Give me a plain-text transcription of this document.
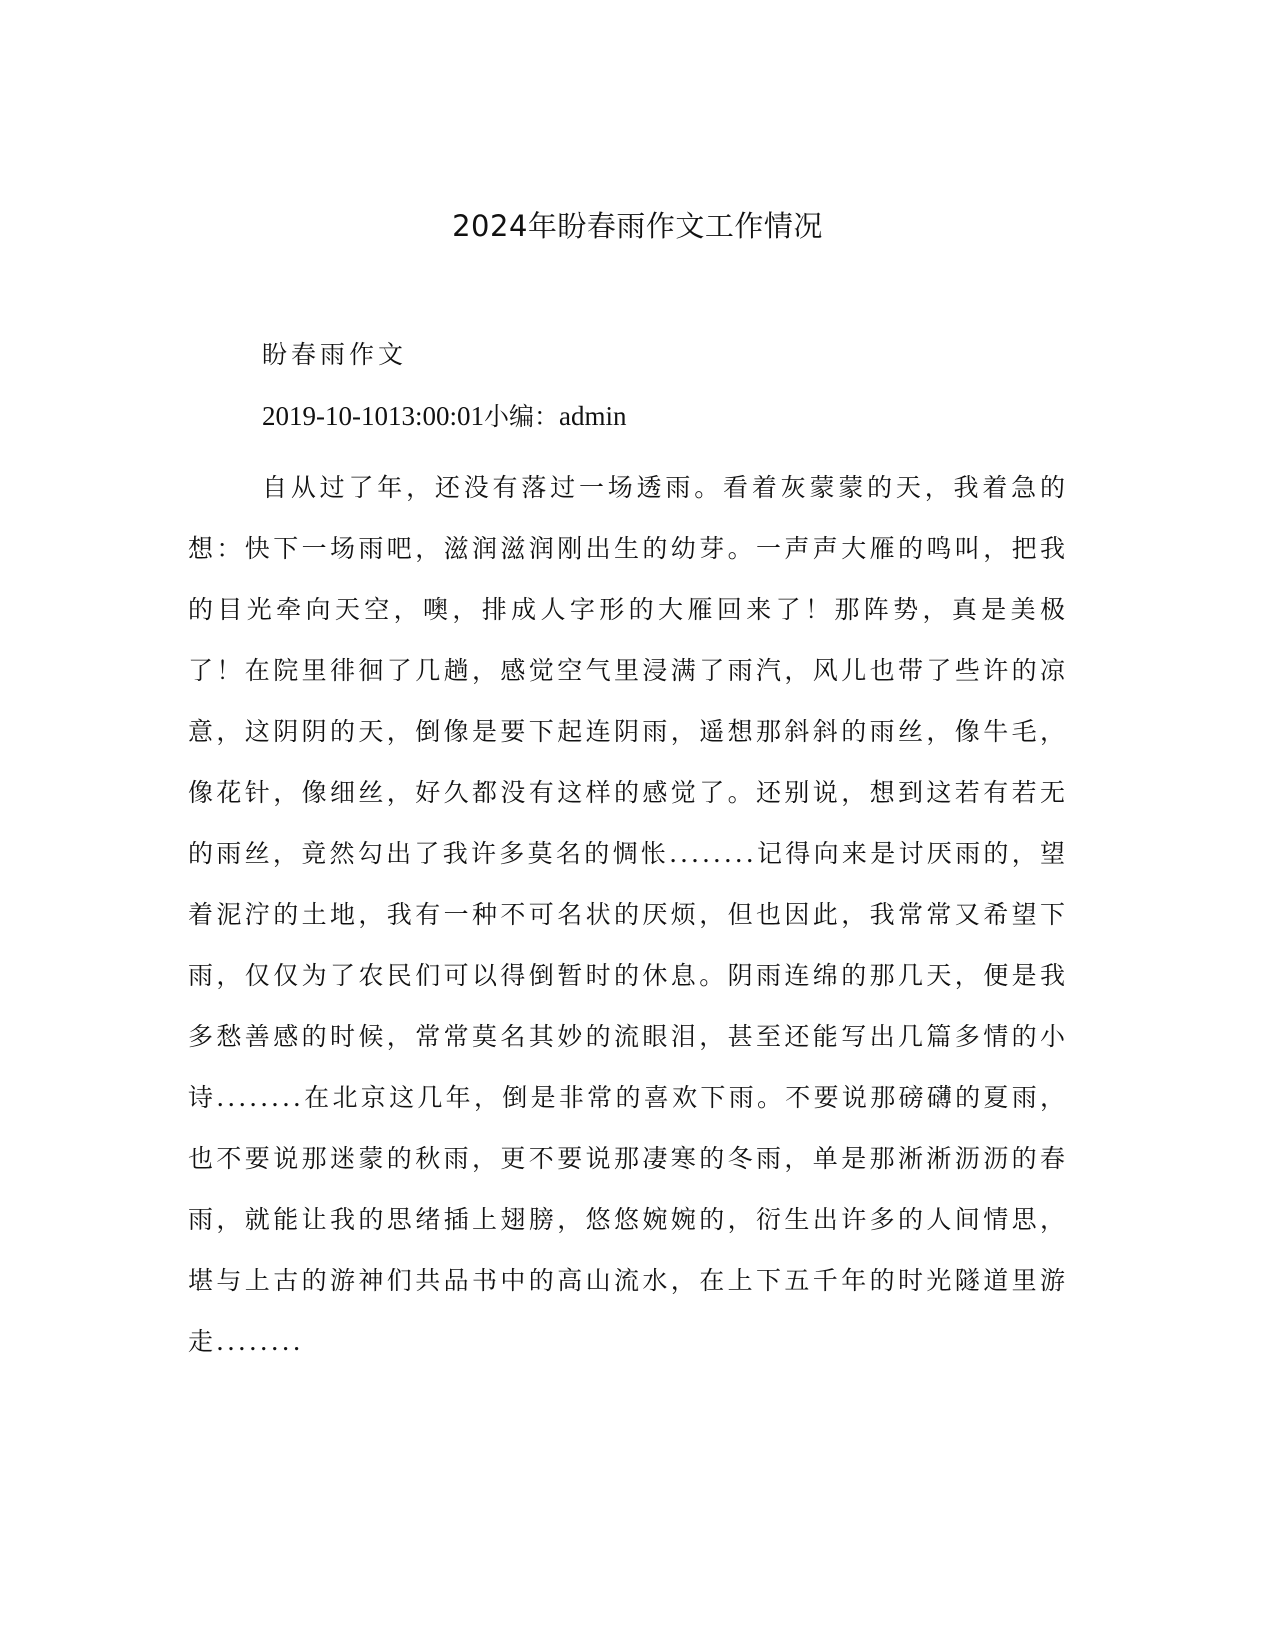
2024年盼春雨作文工作情况
盼春雨作文
2019-10-1013:00:01小编：admin

自从过了年，还没有落过一场透雨。看着灰蒙蒙的天，我着急的想：快下一场雨吧，滋润滋润刚出生的幼芽。一声声大雁的鸣叫，把我的目光牵向天空，噢，排成人字形的大雁回来了！那阵势，真是美极了！在院里徘徊了几趟，感觉空气里浸满了雨汽，风儿也带了些许的凉意，这阴阴的天，倒像是要下起连阴雨，遥想那斜斜的雨丝，像牛毛，像花针，像细丝，好久都没有这样的感觉了。还别说，想到这若有若无的雨丝，竟然勾出了我许多莫名的惆怅........记得向来是讨厌雨的，望着泥泞的土地，我有一种不可名状的厌烦，但也因此，我常常又希望下雨，仅仅为了农民们可以得倒暂时的休息。阴雨连绵的那几天，便是我多愁善感的时候，常常莫名其妙的流眼泪，甚至还能写出几篇多情的小诗........在北京这几年，倒是非常的喜欢下雨。不要说那磅礴的夏雨，也不要说那迷蒙的秋雨，更不要说那凄寒的冬雨，单是那淅淅沥沥的春雨，就能让我的思绪插上翅膀，悠悠婉婉的，衍生出许多的人间情思，堪与上古的游神们共品书中的高山流水，在上下五千年的时光隧道里游走........
